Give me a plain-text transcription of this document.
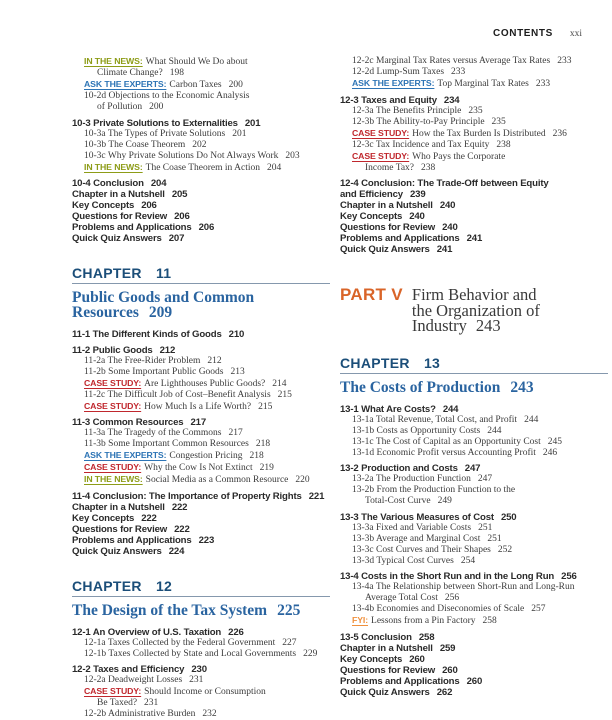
CONTENTS xxi
IN THE NEWS: What Should We Do about
Climate Change? 198
ASK THE EXPERTS: Carbon Taxes 200
10-2d Objections to the Economic Analysis
of Pollution 200
10-3 Private Solutions to Externalities 201
10-3a The Types of Private Solutions 201
10-3b The Coase Theorem 202
10-3c Why Private Solutions Do Not Always Work 203
IN THE NEWS: The Coase Theorem in Action 204
10-4 Conclusion 204
Chapter in a Nutshell 205
Key Concepts 206
Questions for Review 206
Problems and Applications 206
Quick Quiz Answers 207
CHAPTER 11
Public Goods and Common
Resources 209
11-1 The Different Kinds of Goods 210
11-2 Public Goods 212
11-2a The Free-Rider Problem 212
11-2b Some Important Public Goods 213
CASE STUDY: Are Lighthouses Public Goods? 214
11-2c The Difficult Job of Cost–Benefit Analysis 215
CASE STUDY: How Much Is a Life Worth? 215
11-3 Common Resources 217
11-3a The Tragedy of the Commons 217
11-3b Some Important Common Resources 218
ASK THE EXPERTS: Congestion Pricing 218
CASE STUDY: Why the Cow Is Not Extinct 219
IN THE NEWS: Social Media as a Common Resource 220
11-4 Conclusion: The Importance of Property Rights 221
Chapter in a Nutshell 222
Key Concepts 222
Questions for Review 222
Problems and Applications 223
Quick Quiz Answers 224
CHAPTER 12
The Design of the Tax System 225
12-1 An Overview of U.S. Taxation 226
12-1a Taxes Collected by the Federal Government 227
12-1b Taxes Collected by State and Local Governments 229
12-2 Taxes and Efficiency 230
12-2a Deadweight Losses 231
CASE STUDY: Should Income or Consumption
Be Taxed? 231
12-2b Administrative Burden 232
12-2c Marginal Tax Rates versus Average Tax Rates 233
12-2d Lump-Sum Taxes 233
ASK THE EXPERTS: Top Marginal Tax Rates 233
12-3 Taxes and Equity 234
12-3a The Benefits Principle 235
12-3b The Ability-to-Pay Principle 235
CASE STUDY: How the Tax Burden Is Distributed 236
12-3c Tax Incidence and Tax Equity 238
CASE STUDY: Who Pays the Corporate
Income Tax? 238
12-4 Conclusion: The Trade-Off between Equity
and Efficiency 239
Chapter in a Nutshell 240
Key Concepts 240
Questions for Review 240
Problems and Applications 241
Quick Quiz Answers 241
PART V Firm Behavior and
the Organization of
Industry 243
CHAPTER 13
The Costs of Production 243
13-1 What Are Costs? 244
13-1a Total Revenue, Total Cost, and Profit 244
13-1b Costs as Opportunity Costs 244
13-1c The Cost of Capital as an Opportunity Cost 245
13-1d Economic Profit versus Accounting Profit 246
13-2 Production and Costs 247
13-2a The Production Function 247
13-2b From the Production Function to the
Total-Cost Curve 249
13-3 The Various Measures of Cost 250
13-3a Fixed and Variable Costs 251
13-3b Average and Marginal Cost 251
13-3c Cost Curves and Their Shapes 252
13-3d Typical Cost Curves 254
13-4 Costs in the Short Run and in the Long Run 256
13-4a The Relationship between Short-Run and Long-Run
Average Total Cost 256
13-4b Economies and Diseconomies of Scale 257
FYI: Lessons from a Pin Factory 258
13-5 Conclusion 258
Chapter in a Nutshell 259
Key Concepts 260
Questions for Review 260
Problems and Applications 260
Quick Quiz Answers 262
